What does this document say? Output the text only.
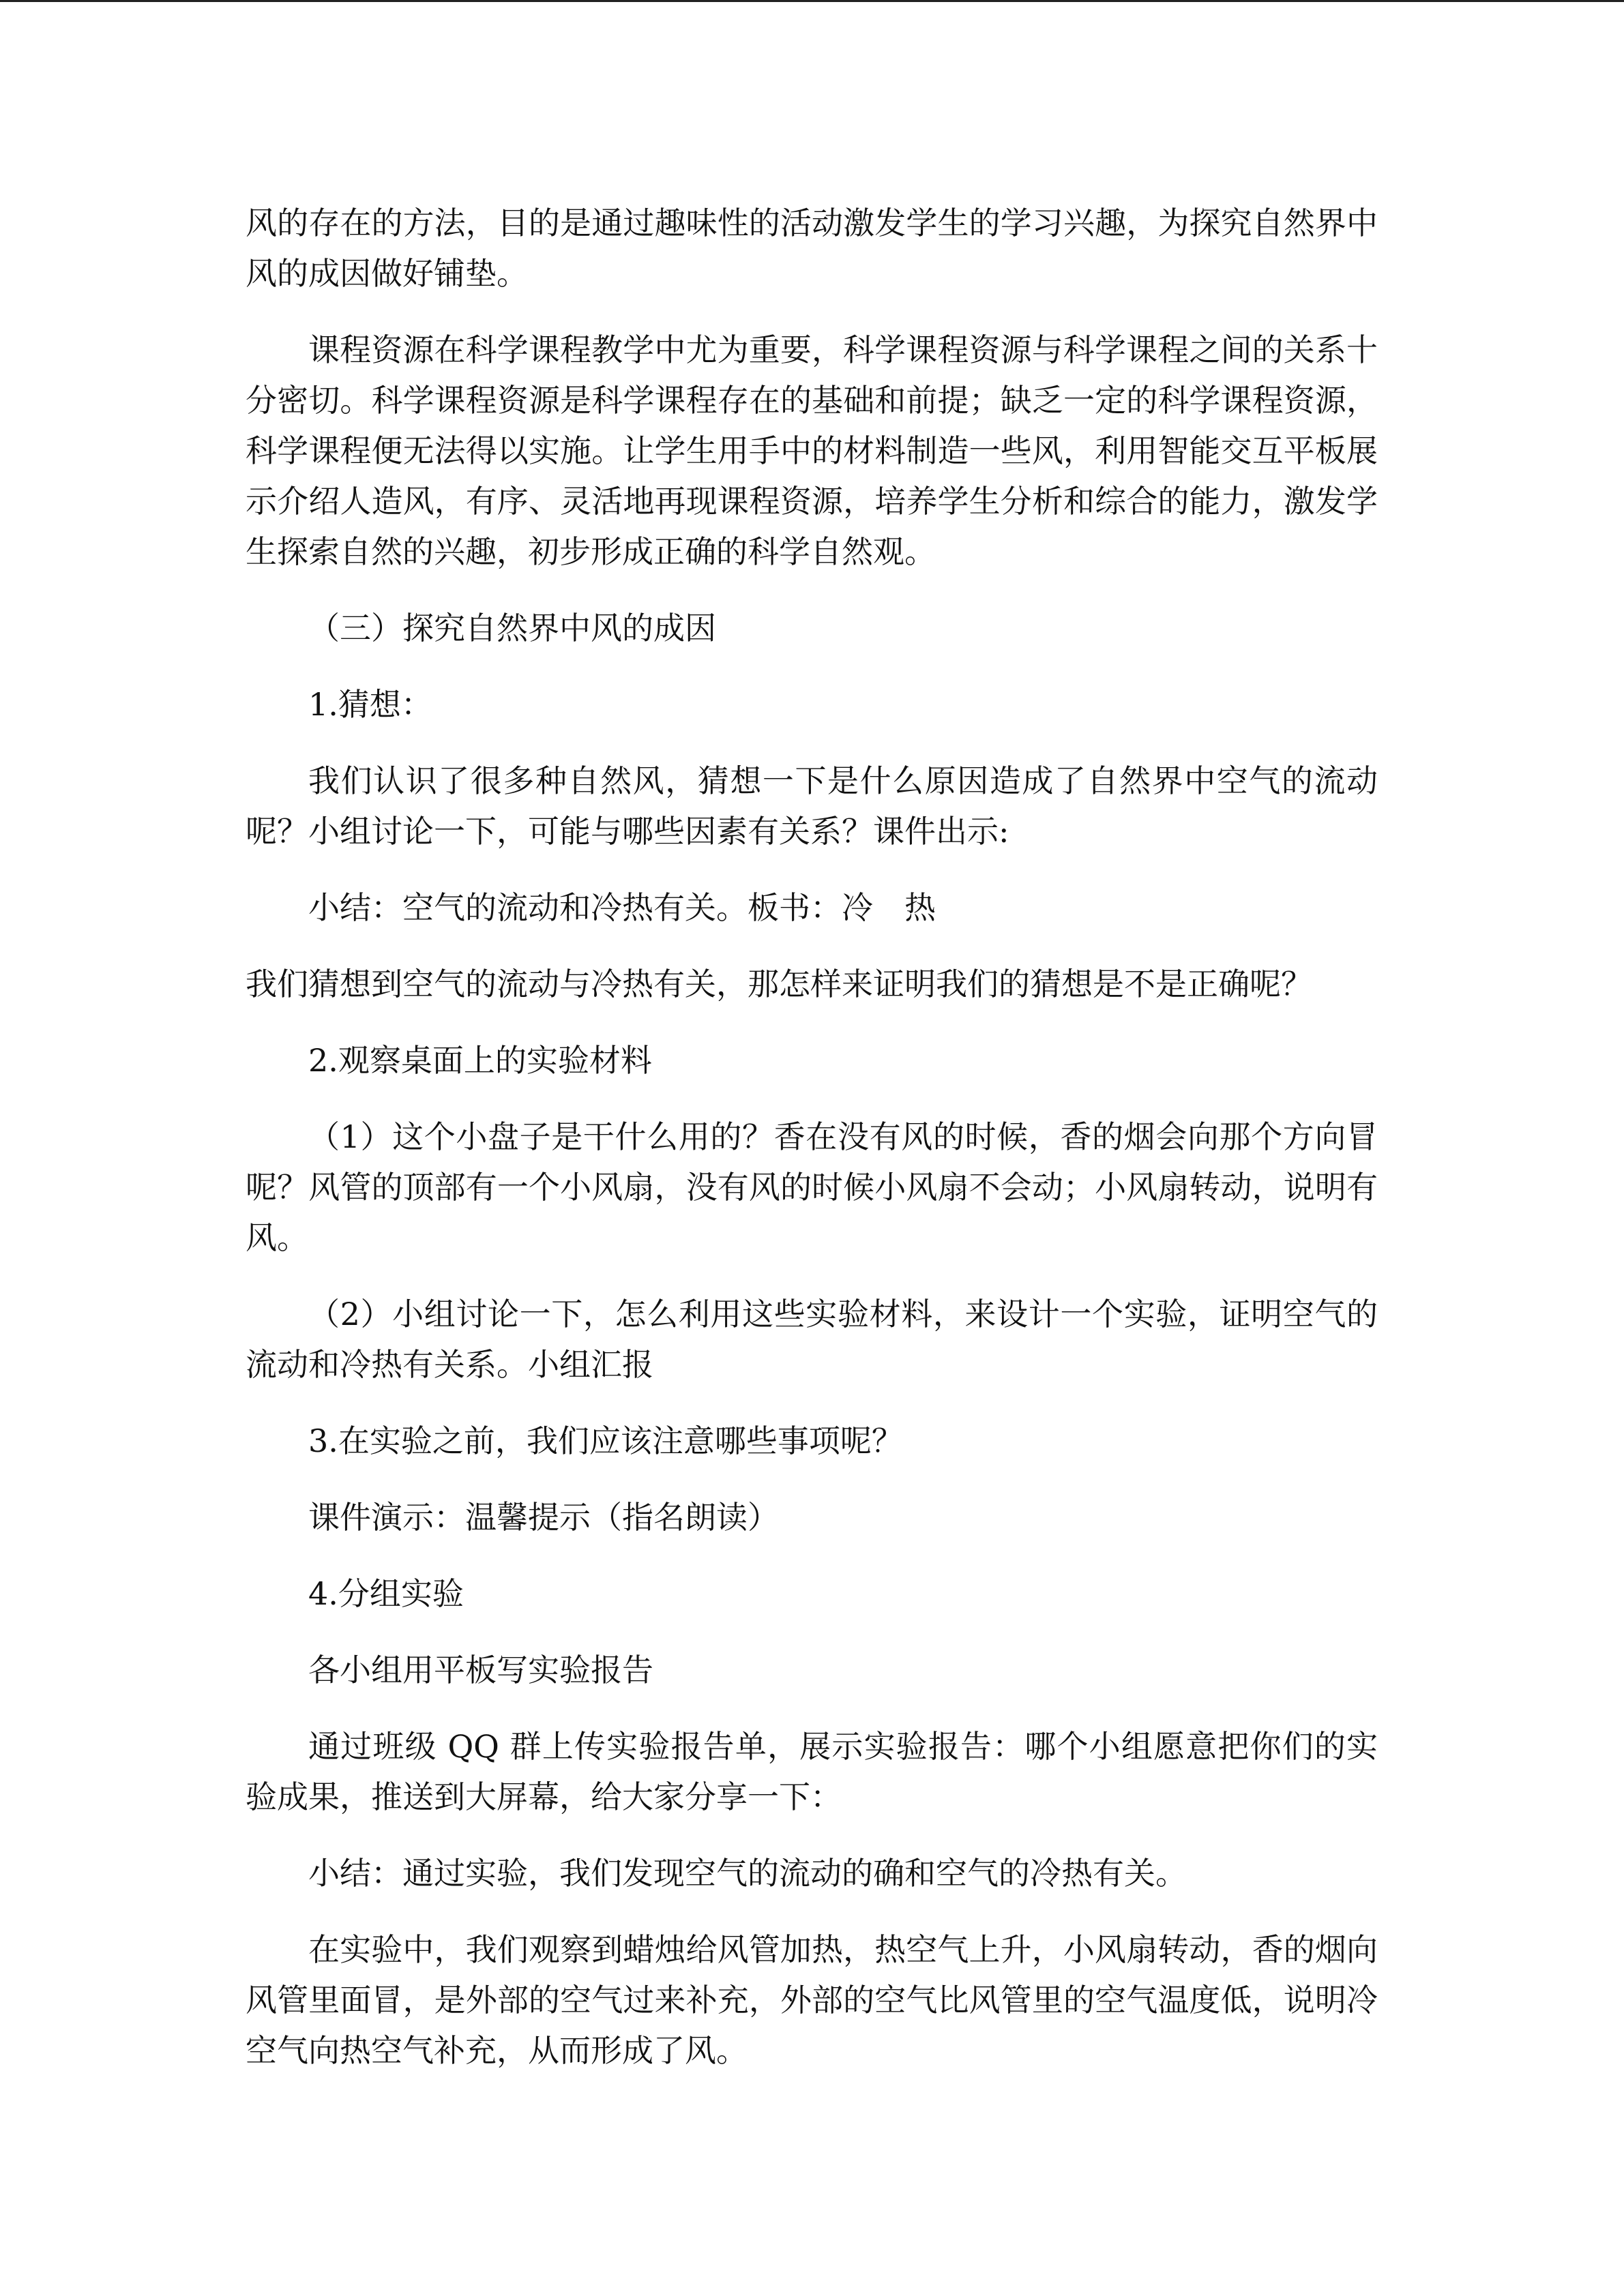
风的存在的方法，目的是通过趣味性的活动激发学生的学习兴趣，为探究自然界中风的成因做好铺垫。

课程资源在科学课程教学中尤为重要，科学课程资源与科学课程之间的关系十分密切。科学课程资源是科学课程存在的基础和前提；缺乏一定的科学课程资源，科学课程便无法得以实施。让学生用手中的材料制造一些风，利用智能交互平板展示介绍人造风，有序、灵活地再现课程资源，培养学生分析和综合的能力，激发学生探索自然的兴趣，初步形成正确的科学自然观。

（三）探究自然界中风的成因

1.猜想：

我们认识了很多种自然风，猜想一下是什么原因造成了自然界中空气的流动呢？小组讨论一下，可能与哪些因素有关系？课件出示:

小结：空气的流动和冷热有关。板书：冷　热

我们猜想到空气的流动与冷热有关，那怎样来证明我们的猜想是不是正确呢？

2.观察桌面上的实验材料

（1）这个小盘子是干什么用的？香在没有风的时候，香的烟会向那个方向冒呢？风管的顶部有一个小风扇，没有风的时候小风扇不会动；小风扇转动，说明有风。

（2）小组讨论一下，怎么利用这些实验材料，来设计一个实验，证明空气的流动和冷热有关系。小组汇报

3.在实验之前，我们应该注意哪些事项呢？

课件演示：温馨提示（指名朗读）

4.分组实验

各小组用平板写实验报告

通过班级 QQ 群上传实验报告单，展示实验报告：哪个小组愿意把你们的实验成果，推送到大屏幕，给大家分享一下：

小结：通过实验，我们发现空气的流动的确和空气的冷热有关。

在实验中，我们观察到蜡烛给风管加热，热空气上升，小风扇转动，香的烟向风管里面冒，是外部的空气过来补充，外部的空气比风管里的空气温度低，说明冷空气向热空气补充，从而形成了风。
